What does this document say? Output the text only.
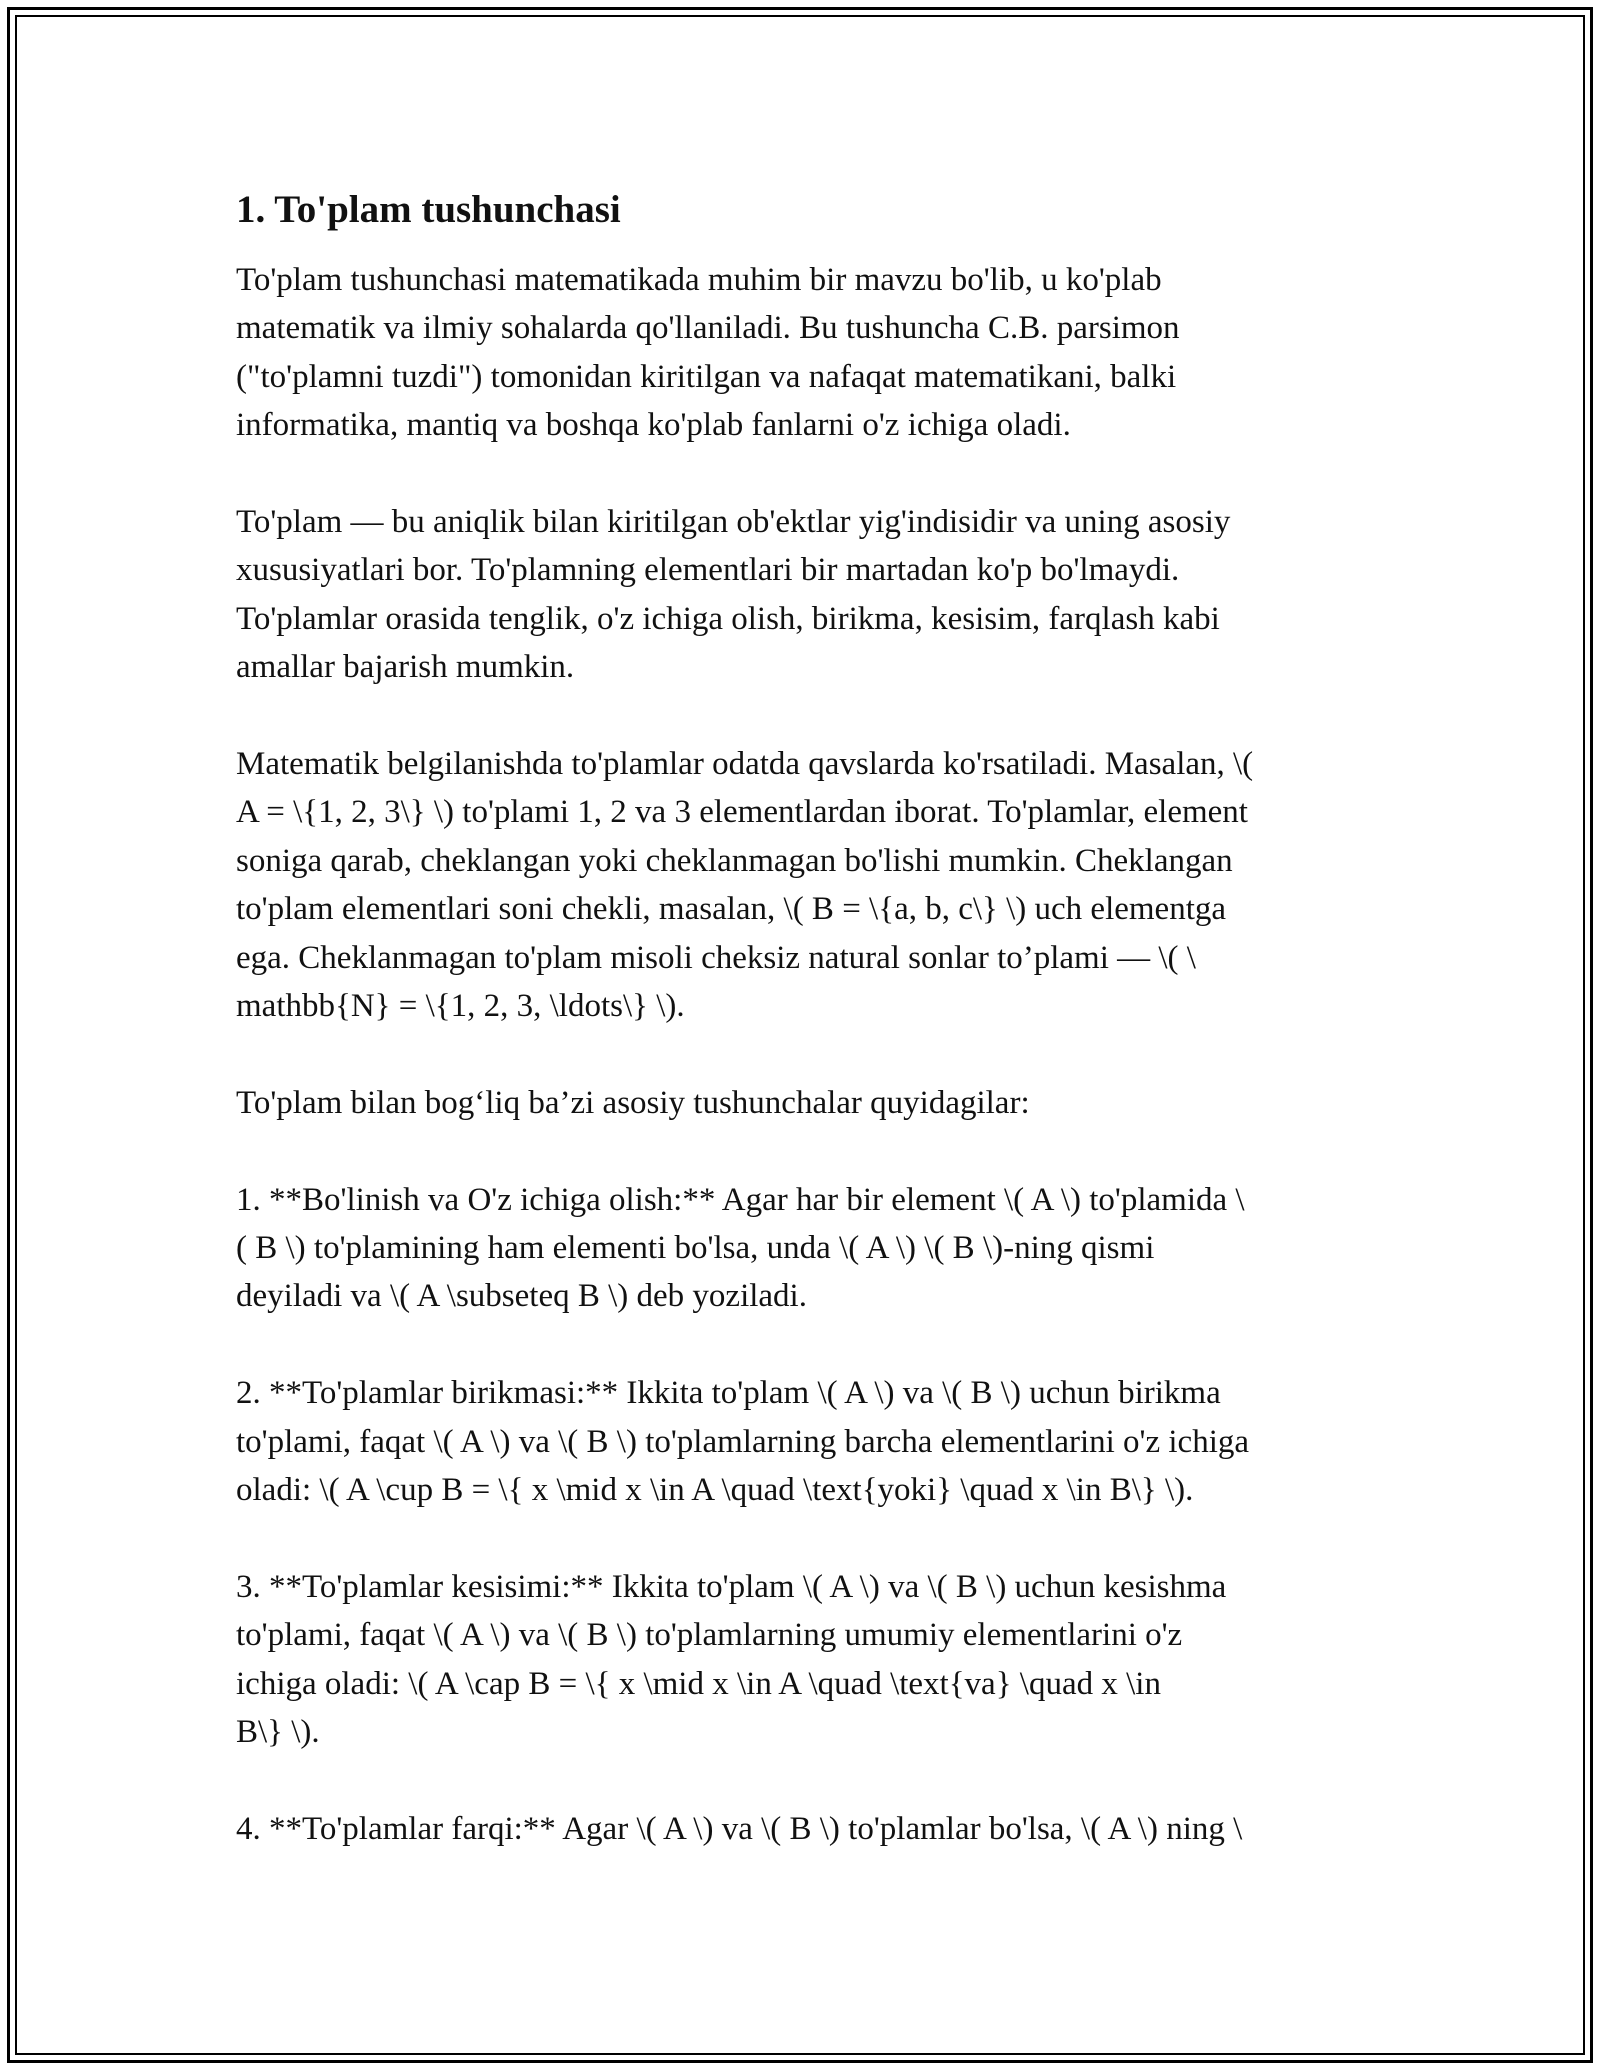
1. To'plam tushunchasi

To'plam tushunchasi matematikada muhim bir mavzu bo'lib, u ko'plab
matematik va ilmiy sohalarda qo'llaniladi. Bu tushuncha C.B. parsimon
("to'plamni tuzdi") tomonidan kiritilgan va nafaqat matematikani, balki
informatika, mantiq va boshqa ko'plab fanlarni o'z ichiga oladi.

To'plam — bu aniqlik bilan kiritilgan ob'ektlar yig'indisidir va uning asosiy
xususiyatlari bor. To'plamning elementlari bir martadan ko'p bo'lmaydi.
To'plamlar orasida tenglik, o'z ichiga olish, birikma, kesisim, farqlash kabi
amallar bajarish mumkin.

Matematik belgilanishda to'plamlar odatda qavslarda ko'rsatiladi. Masalan, \(
A = \{1, 2, 3\} \) to'plami 1, 2 va 3 elementlardan iborat. To'plamlar, element
soniga qarab, cheklangan yoki cheklanmagan bo'lishi mumkin. Cheklangan
to'plam elementlari soni chekli, masalan, \( B = \{a, b, c\} \) uch elementga
ega. Cheklanmagan to'plam misoli cheksiz natural sonlar to’plami — \( \
mathbb{N} = \{1, 2, 3, \ldots\} \).

To'plam bilan bog‘liq ba’zi asosiy tushunchalar quyidagilar:

1. **Bo'linish va O'z ichiga olish:** Agar har bir element \( A \) to'plamida \
( B \) to'plamining ham elementi bo'lsa, unda \( A \) \( B \)-ning qismi
deyiladi va \( A \subseteq B \) deb yoziladi.

2. **To'plamlar birikmasi:** Ikkita to'plam \( A \) va \( B \) uchun birikma
to'plami, faqat \( A \) va \( B \) to'plamlarning barcha elementlarini o'z ichiga
oladi: \( A \cup B = \{ x \mid x \in A \quad \text{yoki} \quad x \in B\} \).

3. **To'plamlar kesisimi:** Ikkita to'plam \( A \) va \( B \) uchun kesishma
to'plami, faqat \( A \) va \( B \) to'plamlarning umumiy elementlarini o'z
ichiga oladi: \( A \cap B = \{ x \mid x \in A \quad \text{va} \quad x \in
B\} \).

4. **To'plamlar farqi:** Agar \( A \) va \( B \) to'plamlar bo'lsa, \( A \) ning \
